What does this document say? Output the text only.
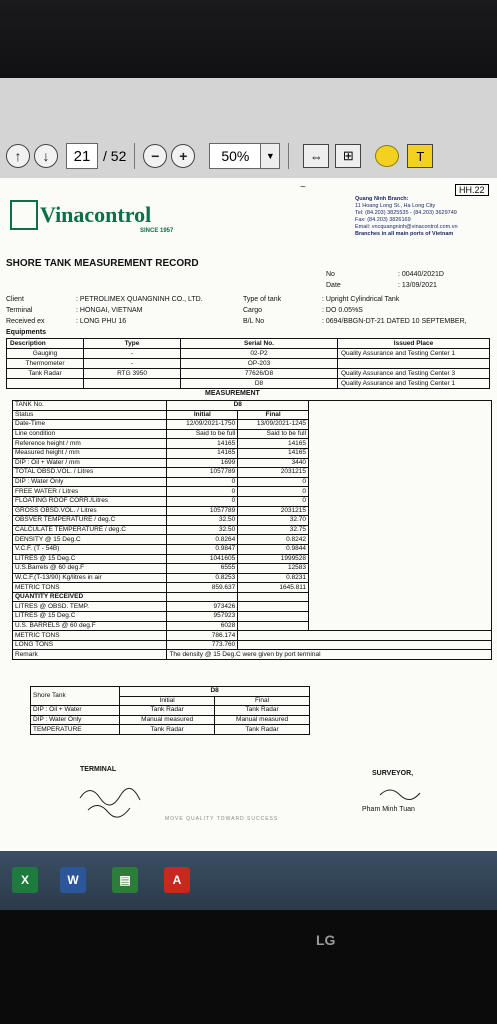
↑	↓	21 / 52	−	+	50%	▼	⇔	⊞	T
HH.22
~
Vinacontrol
SINCE 1957
Quang Ninh Branch:
11 Hoang Long St., Ha Long City
Tel: (84.203) 3825535 - (84.203) 3629749
Fax: (84.203) 3826169
Email: vncquangninh@vinacontrol.com.vn
Branches in all main ports of Vietnam
SHORE TANK MEASUREMENT RECORD
No	: 00440/2021D
Date	: 13/09/2021
Client	: PETROLIMEX QUANGNINH CO., LTD.
Terminal	: HONGAI, VIETNAM
Received ex	: LONG PHU 16
Equipments
Type of tank	: Upright Cylindrical Tank
Cargo	: DO 0.05%S
B/L No	: 0694/BBGN-DT-21 DATED 10 SEPTEMBER,
Description	Type	Serial No.	Issued Place
Gauging	-	02-P2	Quality Assurance and Testing Center 1
Thermometer	-	OP-203	
Tank Radar	RTG 3950	77626/D8	Quality Assurance and Testing Center 3
		D8	Quality Assurance and Testing Center 1
MEASUREMENT
TANK No.	D8		
Status	Initial	Final	
Date-Time	12/09/2021-1750	13/09/2021-1245	
Line condition	Said to be full	Said to be full	
Reference height / mm	14165	14165	
Measured height / mm	14165	14165	
DIP : Oil + Water / mm	1699	3440	
TOTAL OBSD.VOL. / Litres	1057789	2031215	
DIP : Water Only	0	0	
FREE WATER / Litres	0	0	
FLOATING ROOF CORR./Litres	0	0	
GROSS OBSD.VOL. / Litres	1057789	2031215	
OBSVER TEMPERATURE / deg.C	32.50	32.70	
CALCULATE TEMPERATURE / deg.C	32.50	32.75	
DENSITY @ 15 Deg.C	0.8264	0.8242	
V.C.F. (T - 54B)	0.9847	0.9844	
LITRES @ 15 Deg.C	1041605	1999528	
U.S.Barrels @ 60 deg.F	6555	12583	
W.C.F.(T-13/90) Kg/litres in air	0.8253	0.8231	
METRIC TONS	859.637	1645.811	
QUANTITY RECEIVED			
LITRES @ OBSD. TEMP.	973426		
LITRES @ 15 Deg.C	957923		
U.S. BARRELS @ 60 deg.F	6028		
METRIC TONS	786.174		
LONG TONS	773.760		
Remark	The density @ 15 Deg.C were given by port terminal		
Shore Tank	D8	
	Initial	Final
DIP : Oil + Water	Tank Radar	Tank Radar
DIP : Water Only	Manual measured	Manual measured
TEMPERATURE	Tank Radar	Tank Radar
TERMINAL
SURVEYOR,
Pham Minh Tuan
MOVE QUALITY TOWARD SUCCESS
X	W	▤	A
LG
